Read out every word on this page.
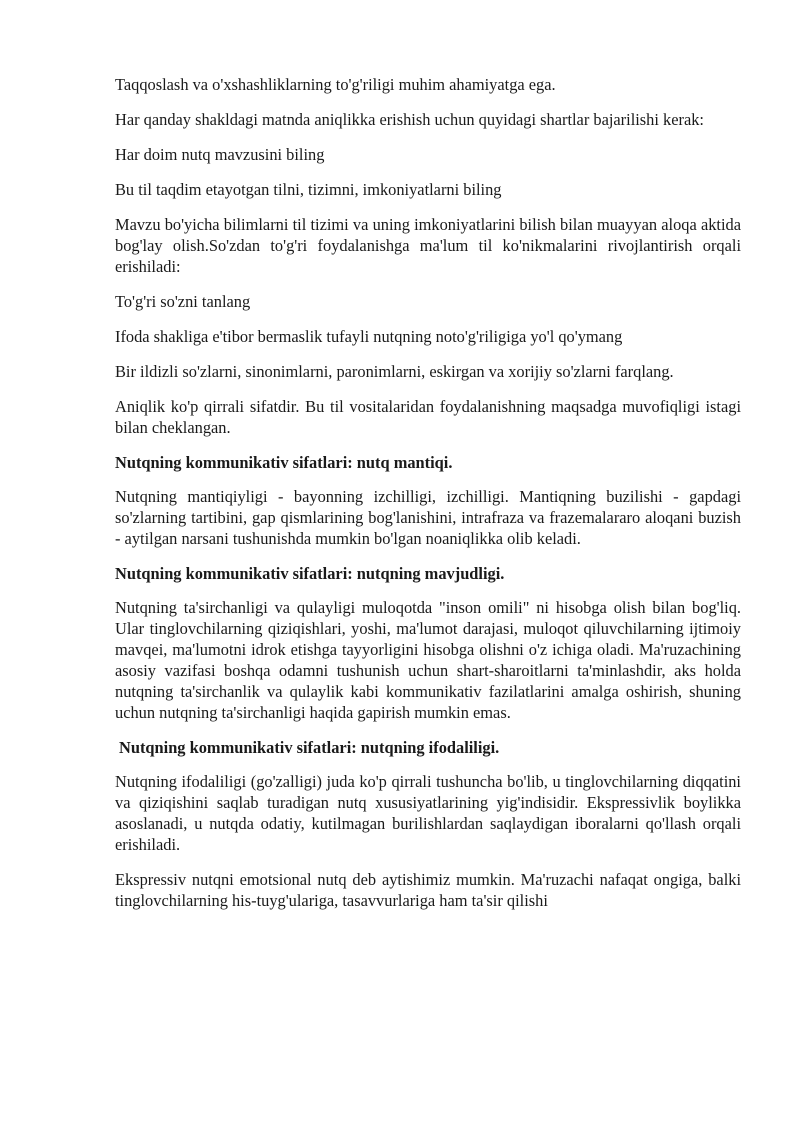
Taqqoslash va o'xshashliklarning to'g'riligi muhim ahamiyatga ega.

Har qanday shakldagi matnda aniqlikka erishish uchun quyidagi shartlar bajarilishi kerak:

Har doim nutq mavzusini biling

Bu til taqdim etayotgan tilni, tizimni, imkoniyatlarni biling

Mavzu bo'yicha bilimlarni til tizimi va uning imkoniyatlarini bilish bilan muayyan aloqa aktida bog'lay olish.So'zdan to'g'ri foydalanishga ma'lum til ko'nikmalarini rivojlantirish orqali erishiladi:

To'g'ri so'zni tanlang

Ifoda shakliga e'tibor bermaslik tufayli nutqning noto'g'riligiga yo'l qo'ymang

Bir ildizli so'zlarni, sinonimlarni, paronimlarni, eskirgan va xorijiy so'zlarni farqlang.

Aniqlik ko'p qirrali sifatdir. Bu til vositalaridan foydalanishning maqsadga muvofiqligi istagi bilan cheklangan.

Nutqning kommunikativ sifatlari: nutq mantiqi.

Nutqning mantiqiyligi - bayonning izchilligi, izchilligi. Mantiqning buzilishi - gapdagi so'zlarning tartibini, gap qismlarining bog'lanishini, intrafraza va frazemalararo aloqani buzish - aytilgan narsani tushunishda mumkin bo'lgan noaniqlikka olib keladi.

Nutqning kommunikativ sifatlari: nutqning mavjudligi.

Nutqning ta'sirchanligi va qulayligi muloqotda "inson omili" ni hisobga olish bilan bog'liq. Ular tinglovchilarning qiziqishlari, yoshi, ma'lumot darajasi, muloqot qiluvchilarning ijtimoiy mavqei, ma'lumotni idrok etishga tayyorligini hisobga olishni o'z ichiga oladi. Ma'ruzachining asosiy vazifasi boshqa odamni tushunish uchun shart-sharoitlarni ta'minlashdir, aks holda nutqning ta'sirchanlik va qulaylik kabi kommunikativ fazilatlarini amalga oshirish, shuning uchun nutqning ta'sirchanligi haqida gapirish mumkin emas.

Nutqning kommunikativ sifatlari: nutqning ifodaliligi.

Nutqning ifodaliligi (go'zalligi) juda ko'p qirrali tushuncha bo'lib, u tinglovchilarning diqqatini va qiziqishini saqlab turadigan nutq xususiyatlarining yig'indisidir. Ekspressivlik boylikka asoslanadi, u nutqda odatiy, kutilmagan burilishlardan saqlaydigan iboralarni qo'llash orqali erishiladi.

Ekspressiv nutqni emotsional nutq deb aytishimiz mumkin. Ma'ruzachi nafaqat ongiga, balki tinglovchilarning his-tuyg'ulariga, tasavvurlariga ham ta'sir qilishi
